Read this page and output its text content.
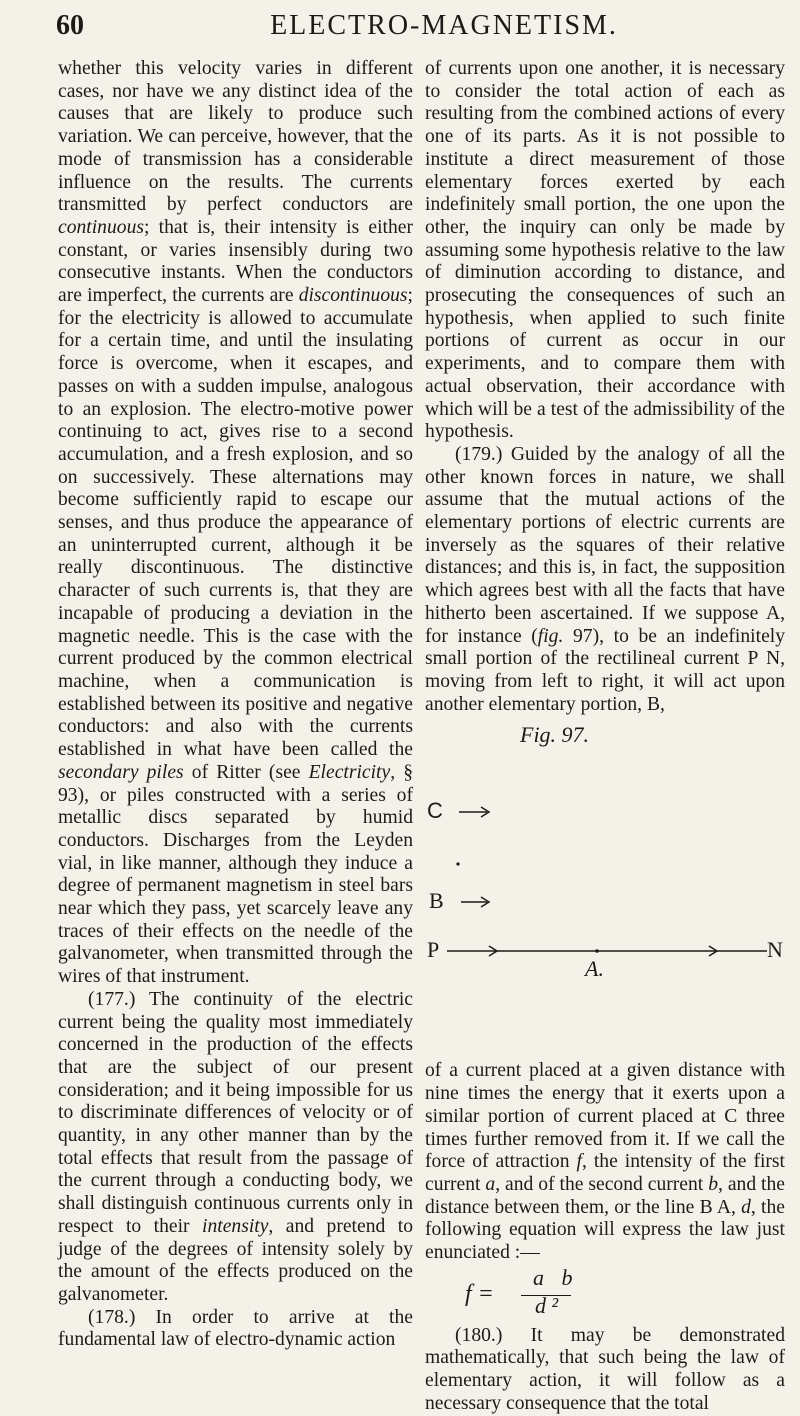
60	ELECTRO-MAGNETISM.

whether this velocity varies in different cases, nor have we any distinct idea of the causes that are likely to produce such variation. We can perceive, however, that the mode of transmission has a considerable influence on the results. The currents transmitted by perfect conductors are continuous; that is, their intensity is either constant, or varies insensibly during two consecutive instants. When the conductors are imperfect, the currents are discontinuous; for the electricity is allowed to accumulate for a certain time, and until the insulating force is overcome, when it escapes, and passes on with a sudden impulse, analogous to an explosion. The electro-motive power continuing to act, gives rise to a second accumulation, and a fresh explosion, and so on successively. These alternations may become sufficiently rapid to escape our senses, and thus produce the appearance of an uninterrupted current, although it be really discontinuous. The distinctive character of such currents is, that they are incapable of producing a deviation in the magnetic needle. This is the case with the current produced by the common electrical machine, when a communication is established between its positive and negative conductors: and also with the currents established in what have been called the secondary piles of Ritter (see Electricity, § 93), or piles constructed with a series of metallic discs separated by humid conductors. Discharges from the Leyden vial, in like manner, although they induce a degree of permanent magnetism in steel bars near which they pass, yet scarcely leave any traces of their effects on the needle of the galvanometer, when transmitted through the wires of that instrument.

(177.) The continuity of the electric current being the quality most immediately concerned in the production of the effects that are the subject of our present consideration; and it being impossible for us to discriminate differences of velocity or of quantity, in any other manner than by the total effects that result from the passage of the current through a conducting body, we shall distinguish continuous currents only in respect to their intensity, and pretend to judge of the degrees of intensity solely by the amount of the effects produced on the galvanometer.

(178.) In order to arrive at the fundamental law of electro-dynamic action

of currents upon one another, it is necessary to consider the total action of each as resulting from the combined actions of every one of its parts. As it is not possible to institute a direct measurement of those elementary forces exerted by each indefinitely small portion, the one upon the other, the inquiry can only be made by assuming some hypothesis relative to the law of diminution according to distance, and prosecuting the consequences of such an hypothesis, when applied to such finite portions of current as occur in our experiments, and to compare them with actual observation, their accordance with which will be a test of the admissibility of the hypothesis.

(179.) Guided by the analogy of all the other known forces in nature, we shall assume that the mutual actions of the elementary portions of electric currents are inversely as the squares of their relative distances; and this is, in fact, the supposition which agrees best with all the facts that have hitherto been ascertained. If we suppose A, for instance (fig. 97), to be an indefinitely small portion of the rectilineal current P N, moving from left to right, it will act upon another elementary portion, B,

Fig. 97.
C
B
P	N
A.

of a current placed at a given distance with nine times the energy that it exerts upon a similar portion of current placed at C three times further removed from it. If we call the force of attraction f, the intensity of the first current a, and of the second current b, and the distance between them, or the line B A, d, the following equation will express the law just enunciated :—

f =
a b
d ²

(180.) It may be demonstrated mathematically, that such being the law of elementary action, it will follow as a necessary consequence that the total
